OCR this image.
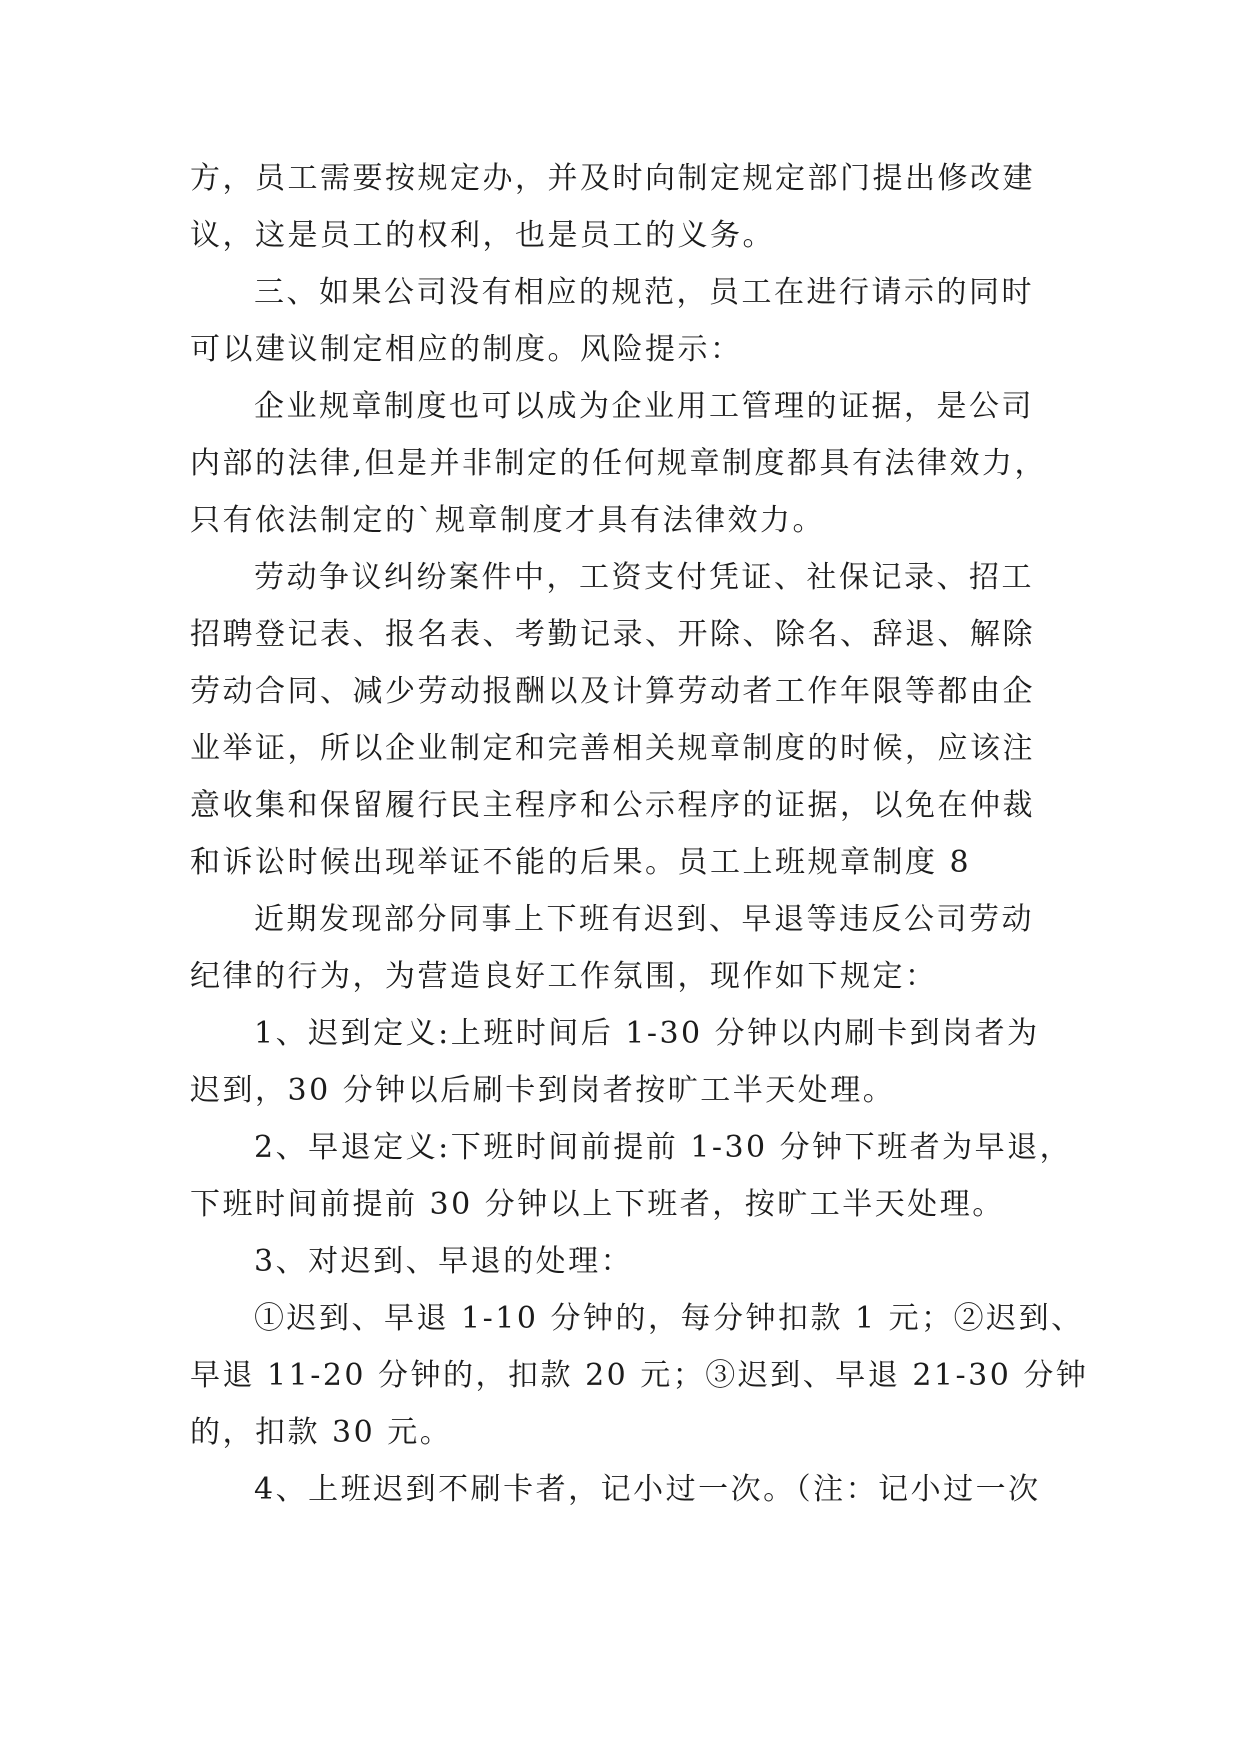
方，员工需要按规定办，并及时向制定规定部门提出修改建
议，这是员工的权利，也是员工的义务。
三、如果公司没有相应的规范，员工在进行请示的同时
可以建议制定相应的制度。风险提示：
企业规章制度也可以成为企业用工管理的证据，是公司
内部的法律,但是并非制定的任何规章制度都具有法律效力，
只有依法制定的`规章制度才具有法律效力。
劳动争议纠纷案件中，工资支付凭证、社保记录、招工
招聘登记表、报名表、考勤记录、开除、除名、辞退、解除
劳动合同、减少劳动报酬以及计算劳动者工作年限等都由企
业举证，所以企业制定和完善相关规章制度的时候，应该注
意收集和保留履行民主程序和公示程序的证据，以免在仲裁
和诉讼时候出现举证不能的后果。员工上班规章制度 8
近期发现部分同事上下班有迟到、早退等违反公司劳动
纪律的行为，为营造良好工作氛围，现作如下规定：
1、迟到定义:上班时间后 1-30 分钟以内刷卡到岗者为
迟到，30 分钟以后刷卡到岗者按旷工半天处理。
2、早退定义:下班时间前提前 1-30 分钟下班者为早退，
下班时间前提前 30 分钟以上下班者，按旷工半天处理。
3、对迟到、早退的处理：
①迟到、早退 1-10 分钟的，每分钟扣款 1 元；②迟到、
早退 11-20 分钟的，扣款 20 元；③迟到、早退 21-30 分钟
的，扣款 30 元。
4、上班迟到不刷卡者，记小过一次。（注：记小过一次
